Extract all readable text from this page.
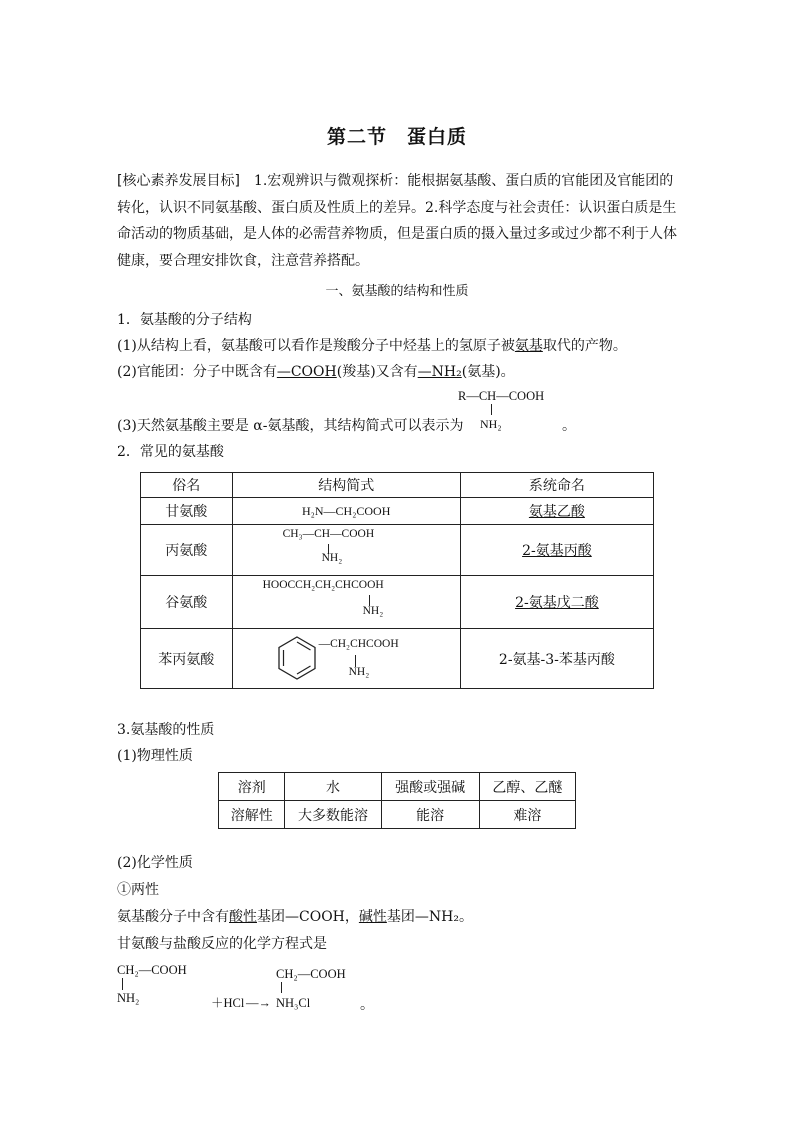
第二节　蛋白质
[核心素养发展目标]　1.宏观辨识与微观探析：能根据氨基酸、蛋白质的官能团及官能团的转化，认识不同氨基酸、蛋白质及性质上的差异。2.科学态度与社会责任：认识蛋白质是生命活动的物质基础，是人体的必需营养物质，但是蛋白质的摄入量过多或过少都不利于人体健康，要合理安排饮食，注意营养搭配。
一、氨基酸的结构和性质
1．氨基酸的分子结构
(1)从结构上看，氨基酸可以看作是羧酸分子中烃基上的氢原子被氨基取代的产物。
(2)官能团：分子中既含有—COOH(羧基)又含有—NH₂(氨基)。
R—CH—COOH
NH₂
(3)天然氨基酸主要是 α-氨基酸，其结构简式可以表示为	。
2．常见的氨基酸
俗名	结构简式	系统命名
甘氨酸	H₂N—CH₂COOH	氨基乙酸
丙氨酸	CH₃—CH—COOH
NH₂	2-氨基丙酸
谷氨酸	HOOCCH₂CH₂CHCOOH
NH₂	2-氨基戊二酸
苯丙氨酸	—CH₂CHCOOH
NH₂	2-氨基-3-苯基丙酸
3.氨基酸的性质
(1)物理性质
溶剂	水	强酸或强碱	乙醇、乙醚
溶解性	大多数能溶	能溶	难溶
(2)化学性质
①两性
氨基酸分子中含有酸性基团—COOH，碱性基团—NH₂。
甘氨酸与盐酸反应的化学方程式是
CH₂—COOH
NH₂	＋HCl —→
CH₂—COOH
NH₃Cl	。
